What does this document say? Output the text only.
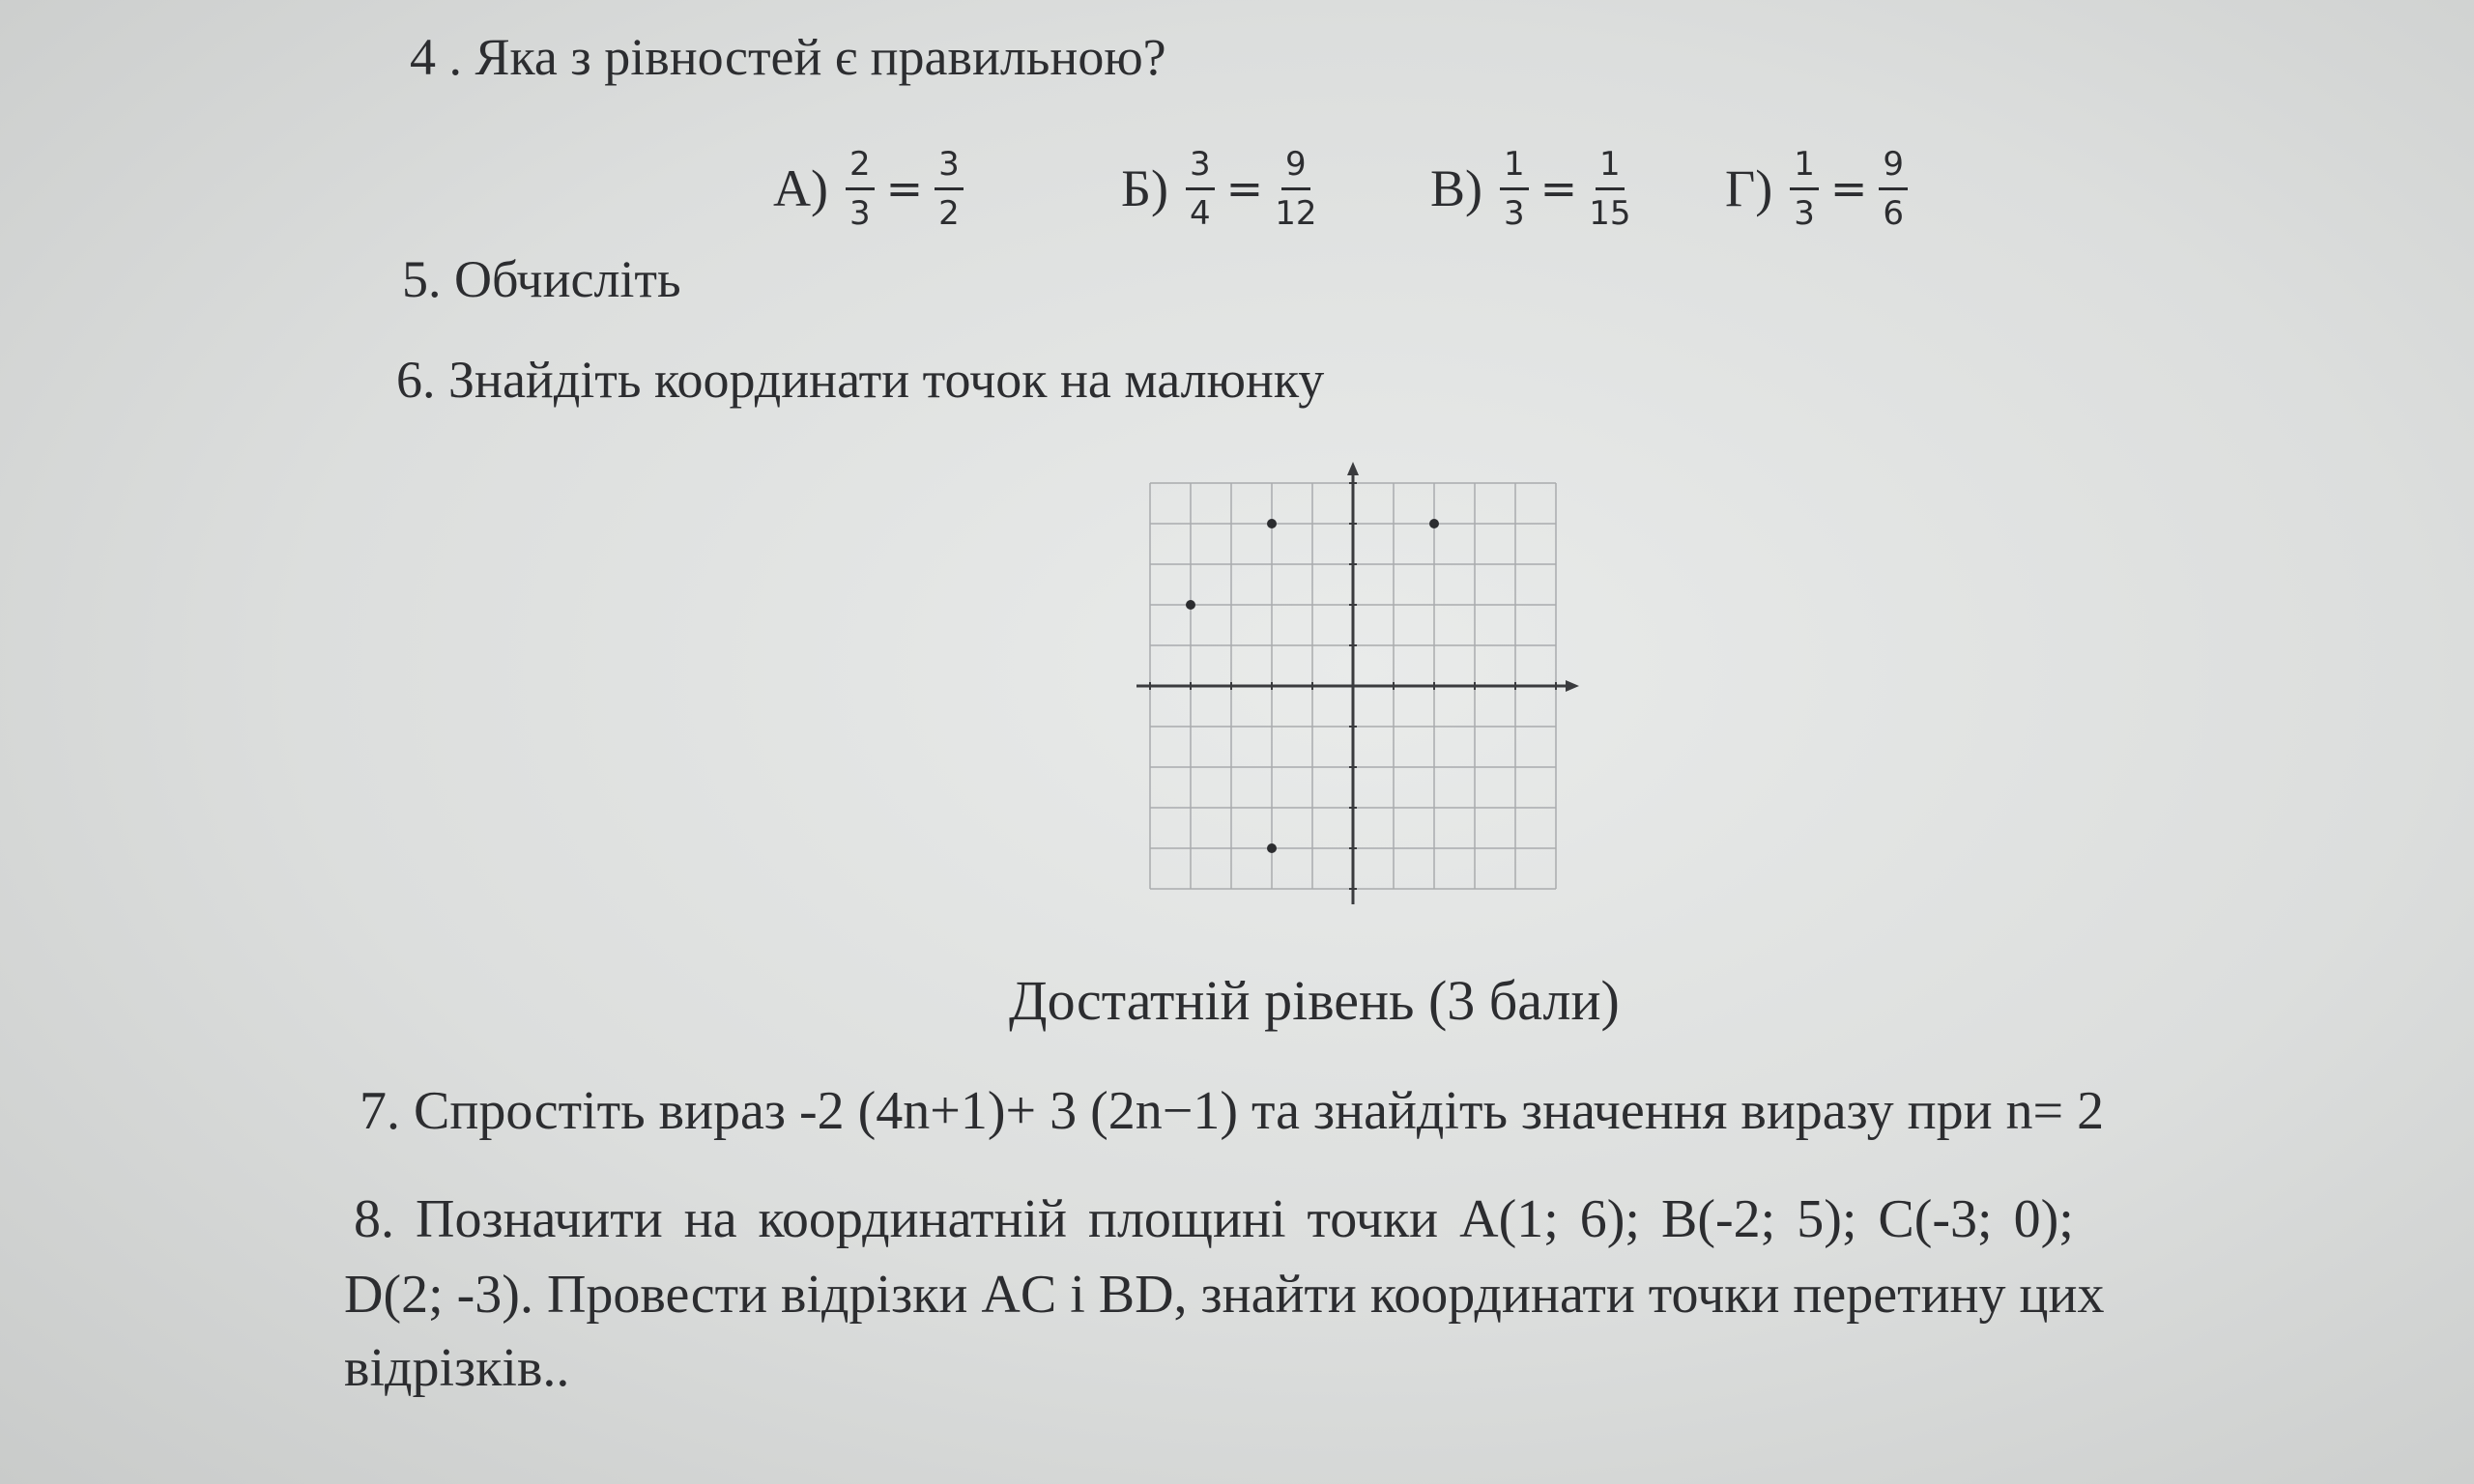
4 . Яка з рівностей є правильною?
$А) \frac{2}{3} = \frac{3}{2}$	$Б) \frac{3}{4} = \frac{9}{12} В) \frac{1}{3} = \frac{1}{15} Г) \frac{1}{3} = \frac{9}{6}$
5. Обчисліть
6. Знайдіть координати точок на малюнку
Достатній рівень (3 бали)
7. Спростіть вираз -2 (4n+1)+ 3 (2n−1) та знайдіть значення виразу при n= 2
8. Позначити на координатній площині точки A(1; 6); B(-2; 5); C(-3; 0);
D(2; -3). Провести відрізки AC і BD, знайти координати точки перетину цих
відрізків..
